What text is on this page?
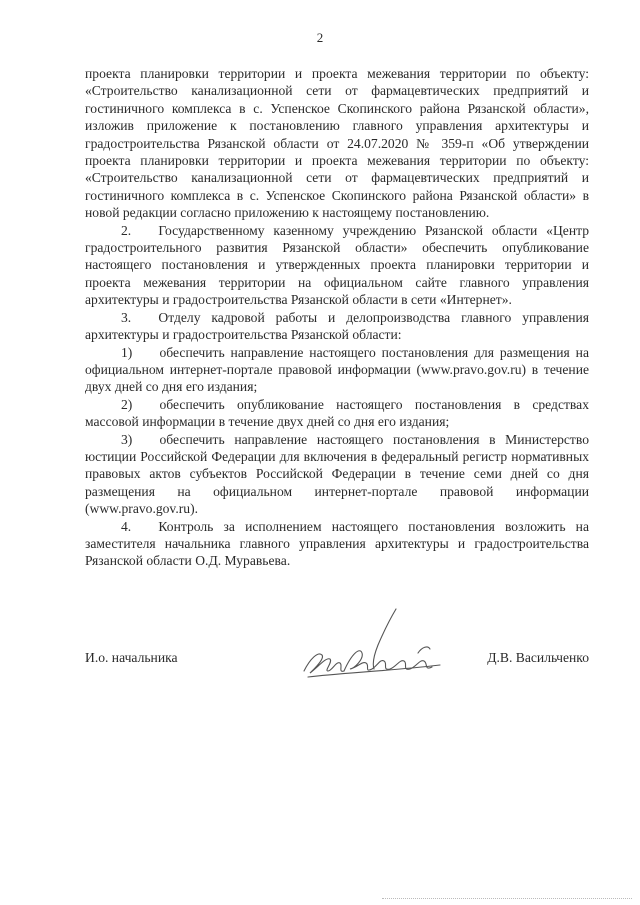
2

проекта планировки территории и проекта межевания территории по объекту: «Строительство канализационной сети от фармацевтических предприятий и гостиничного комплекса в с. Успенское Скопинского района Рязанской области», изложив приложение к постановлению главного управления архитектуры и градостроительства Рязанской области от 24.07.2020 № 359-п «Об утверждении проекта планировки территории и проекта межевания территории по объекту: «Строительство канализационной сети от фармацевтических предприятий и гостиничного комплекса в с. Успенское Скопинского района Рязанской области» в новой редакции согласно приложению к настоящему постановлению.

2.  Государственному казенному учреждению Рязанской области «Центр градостроительного развития Рязанской области» обеспечить опубликование настоящего постановления и утвержденных проекта планировки территории и проекта межевания территории на официальном сайте главного управления архитектуры и градостроительства Рязанской области в сети «Интернет».

3.  Отделу кадровой работы и делопроизводства главного управления архитектуры и градостроительства Рязанской области:

1)  обеспечить направление настоящего постановления для размещения на официальном интернет-портале правовой информации (www.pravo.gov.ru) в течение двух дней со дня его издания;

2)  обеспечить опубликование настоящего постановления в средствах массовой информации в течение двух дней со дня его издания;

3)  обеспечить направление настоящего постановления в Министерство юстиции Российской Федерации для включения в федеральный регистр нормативных правовых актов субъектов Российской Федерации в течение семи дней со дня размещения на официальном интернет-портале правовой информации (www.pravo.gov.ru).

4.  Контроль за исполнением настоящего постановления возложить на заместителя начальника главного управления архитектуры и градостроительства Рязанской области О.Д. Муравьева.

И.о. начальника	Д.В. Васильченко
